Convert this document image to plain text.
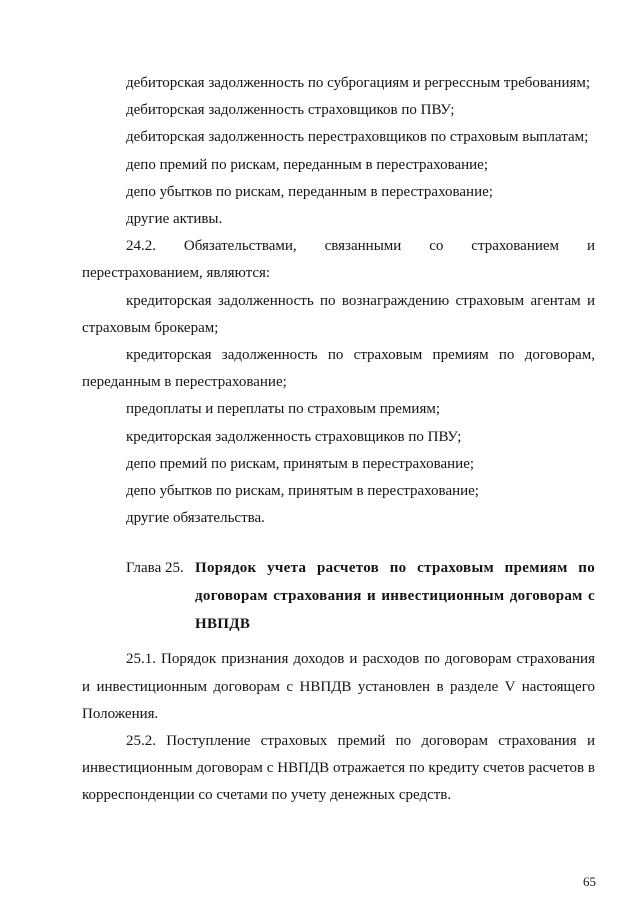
дебиторская задолженность по суброгациям и регрессным требованиям;

дебиторская задолженность страховщиков по ПВУ;

дебиторская задолженность перестраховщиков по страховым выплатам;

депо премий по рискам, переданным в перестрахование;

депо убытков по рискам, переданным в перестрахование;

другие активы.

24.2. Обязательствами, связанными со страхованием и перестрахованием, являются:

кредиторская задолженность по вознаграждению страховым агентам и страховым брокерам;

кредиторская задолженность по страховым премиям по договорам, переданным в перестрахование;

предоплаты и переплаты по страховым премиям;

кредиторская задолженность страховщиков по ПВУ;

депо премий по рискам, принятым в перестрахование;

депо убытков по рискам, принятым в перестрахование;

другие обязательства.

Глава 25. Порядок учета расчетов по страховым премиям по договорам страхования и инвестиционным договорам с НВПДВ

25.1. Порядок признания доходов и расходов по договорам страхования и инвестиционным договорам с НВПДВ установлен в разделе V настоящего Положения.

25.2. Поступление страховых премий по договорам страхования и инвестиционным договорам с НВПДВ отражается по кредиту счетов расчетов в корреспонденции со счетами по учету денежных средств.

65
